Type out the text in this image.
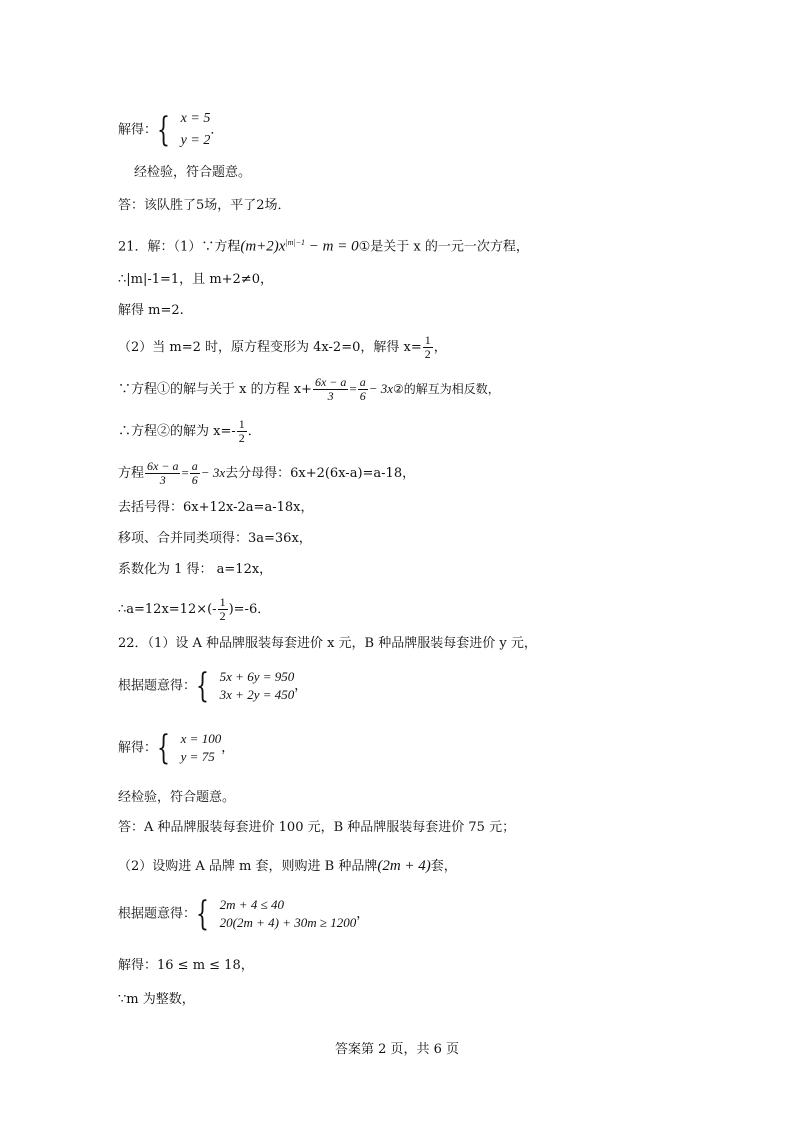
解得：{ x = 5
y = 2
．
经检验，符合题意。
答：该队胜了5场，平了2场．
21．解：（1）∵方程$(m+2)x^{|m|-1} - m$ = 0①是关于 x 的一元一次方程，
∴|m|-1=1，且 m+2≠0，
解得 m=2.
（2）当 m=2 时，原方程变形为 4x-2=0，解得 $x= \frac{1}{2}$ ，
∵方程①的解与关于 x 的方程 $x+ \frac{6x - a}{3} = \frac{a}{6}$ − 3x②的解互为相反数，
∴方程②的解为 $x=- \frac{1}{2}$ ．
方程 $\frac{6x - a}{3} = \frac{a}{6} - 3x$去分母得：6x+2(6x-a)=a-18，
去括号得：6x+12x-2a=a-18x，
移项、合并同类项得：3a=36x，
系数化为 1 得： a=12x，
∴a=12x=12×(- $\frac{1}{2} )=-6$．
22．（1）设 A 种品牌服装每套进价 x 元，B 种品牌服装每套进价 y 元，
根据题意得：{ 5x + 6y = 950
3x + 2y = 450
，
解得：{ x = 100
y = 75
，
经检验，符合题意。
答：A 种品牌服装每套进价 100 元，B 种品牌服装每套进价 75 元；
（2）设购进 A 品牌 m 套，则购进 B 种品牌(2m + 4)套，
根据题意得：{ 2m + 4 ≤ 40
20(2m + 4) + 30m ≥ 1200
，
解得：16 ≤ m ≤ 18，
∵m 为整数，
答案第 2 页，共 6 页
